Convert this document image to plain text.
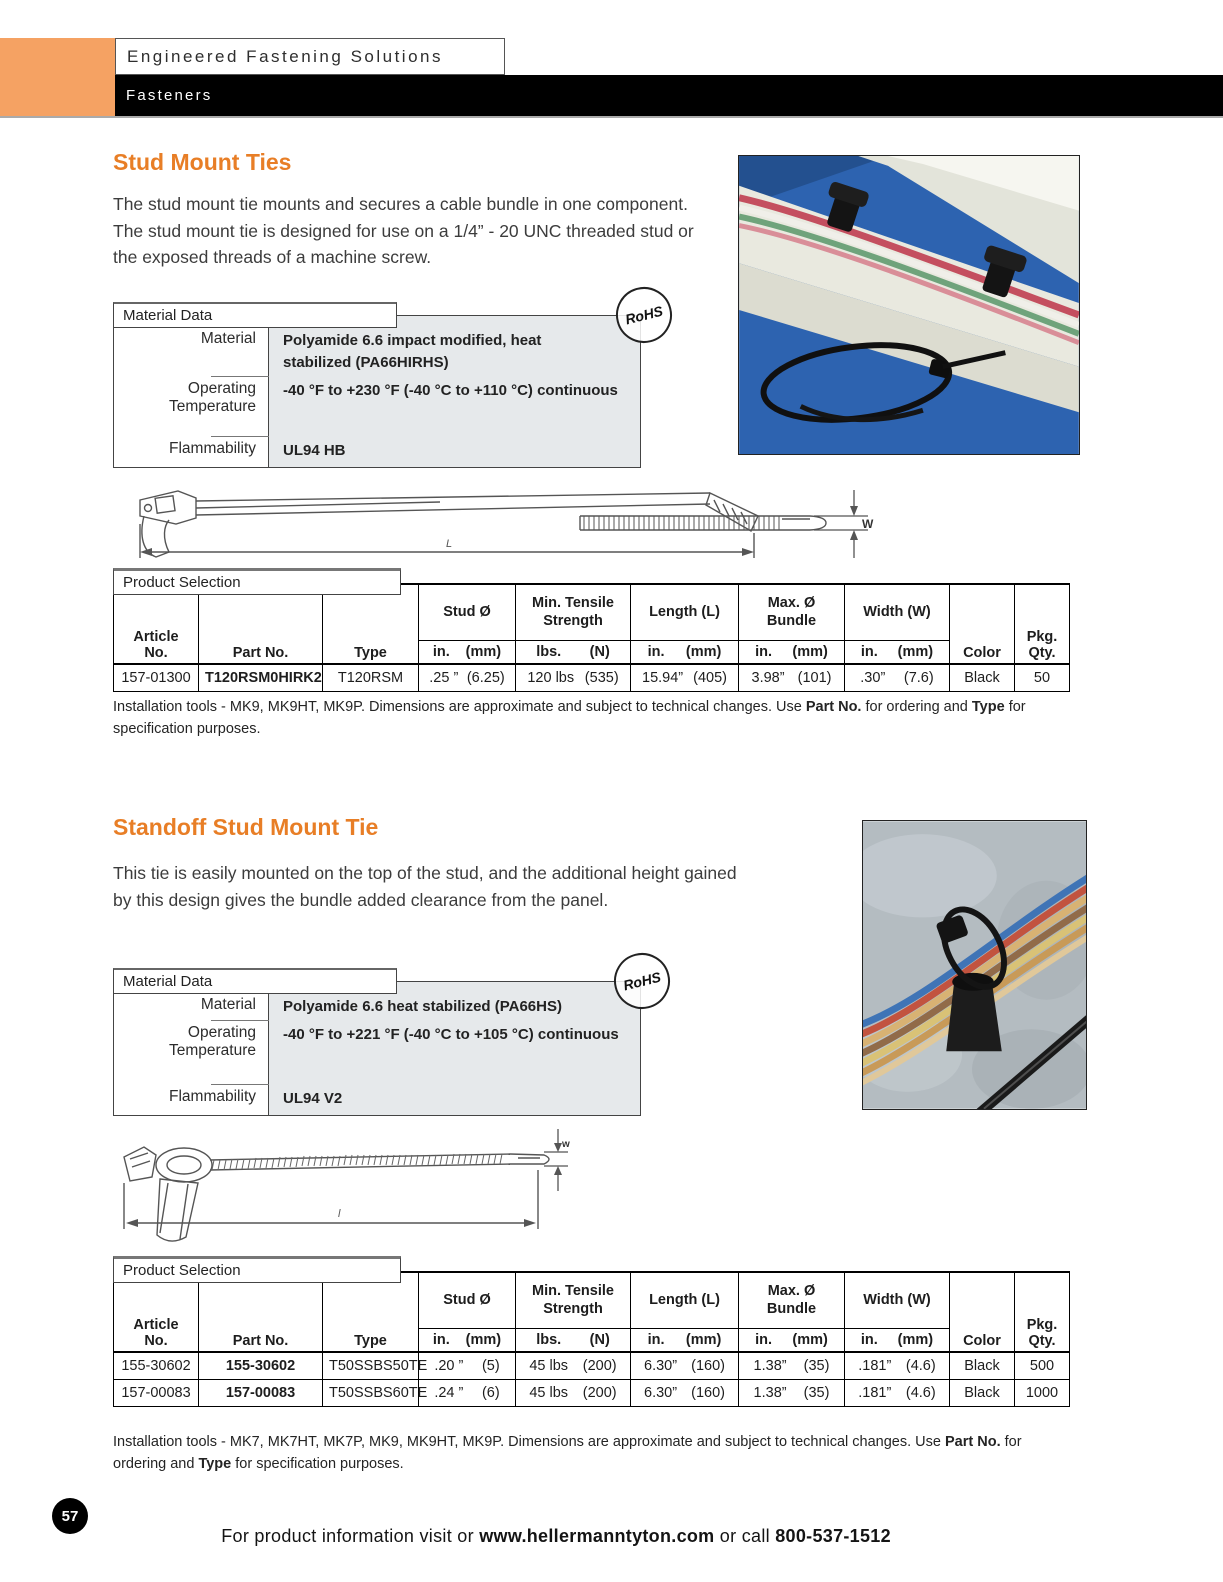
Engineered Fastening Solutions
Fasteners
Stud Mount Ties
The stud mount tie mounts and secures a cable bundle in one component. The stud mount tie is designed for use on a 1/4” - 20 UNC threaded stud or the exposed threads of a machine screw.
Material Data
Material	Polyamide 6.6 impact modified, heat stabilized (PA66HIRHS)
Operating Temperature
-40 °F to +230 °F (-40 °C to +110 °C) continuous
Flammability	UL94 HB
RoHS
L
W
Product Selection
Article No.	Part No.	Type	Stud Ø	Min. Tensile Strength	Length (L)	Max. Ø Bundle	Width (W)	Color	Pkg. Qty.

			in. (mm)	lbs. (N)	in. (mm)	in. (mm)	in. (mm)		

157-01300	T120RSM0HIRK2	T120RSM	.25 ” (6.25)	120 lbs (535)	15.94” (405)	3.98” (101)	.30” (7.6)	Black	50
Installation tools - MK9, MK9HT, MK9P. Dimensions are approximate and subject to technical changes. Use Part No. for ordering and Type for specification purposes.
Standoff Stud Mount Tie
This tie is easily mounted on the top of the stud, and the additional height gained by this design gives the bundle added clearance from the panel.
Material Data
Material	Polyamide 6.6 heat stabilized (PA66HS)
Operating Temperature
-40 °F to +221 °F (-40 °C to +105 °C) continuous
Flammability	UL94 V2
RoHS
l
w
Product Selection
Article No.	Part No.	Type	Stud Ø	Min. Tensile Strength	Length (L)	Max. Ø Bundle	Width (W)	Color	Pkg. Qty.

			in. (mm)	lbs. (N)	in. (mm)	in. (mm)	in. (mm)		

155-30602	155-30602	T50SSBS50TE	.20 ” (5)	45 lbs (200)	6.30” (160)	1.38” (35)	.181” (4.6)	Black	500
157-00083	157-00083	T50SSBS60TE	.24 ” (6)	45 lbs (200)	6.30” (160)	1.38” (35)	.181” (4.6)	Black	1000
Installation tools - MK7, MK7HT, MK7P, MK9, MK9HT, MK9P. Dimensions are approximate and subject to technical changes. Use Part No. for ordering and Type for specification purposes.
57

For product information visit or www.hellermanntyton.com or call 800-537-1512
